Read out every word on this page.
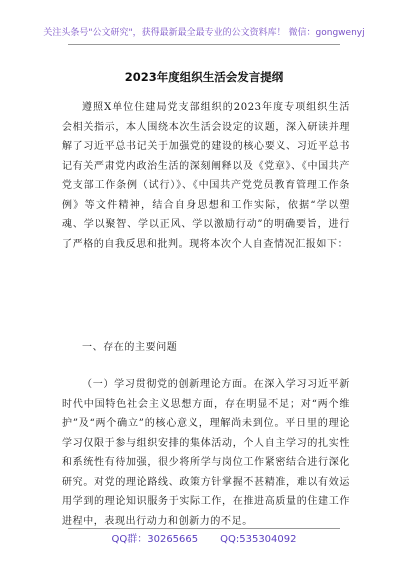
关注头条号"公文研究"，获得最新最全最专业的公文资料库！ 微信：gongwenyj
2023年度组织生活会发言提纲
遵照X单位住建局党支部组织的2023年度专项组织生活会相关指示，本人围绕本次生活会设定的议题，深入研读并理解了习近平总书记关于加强党的建设的核心要义、习近平总书记有关严肃党内政治生活的深刻阐释以及《党章》、《中国共产党支部工作条例（试行）》、《中国共产党党员教育管理工作条例》等文件精神，结合自身思想和工作实际，依据“学以塑魂、学以聚智、学以正风、学以激励行动”的明确要旨，进行了严格的自我反思和批判。现将本次个人自查情况汇报如下：
一、存在的主要问题
（一）学习贯彻党的创新理论方面。在深入学习习近平新时代中国特色社会主义思想方面，存在明显不足；对“两个维护”及“两个确立”的核心意义，理解尚未到位。平日里的理论学习仅限于参与组织安排的集体活动，个人自主学习的扎实性和系统性有待加强，很少将所学与岗位工作紧密结合进行深化研究。对党的理论路线、政策方针掌握不甚精准，难以有效运用学到的理论知识服务于实际工作，在推进高质量的住建工作进程中，表现出行动力和创新力的不足。
QQ群：30265665 QQ:535304092
